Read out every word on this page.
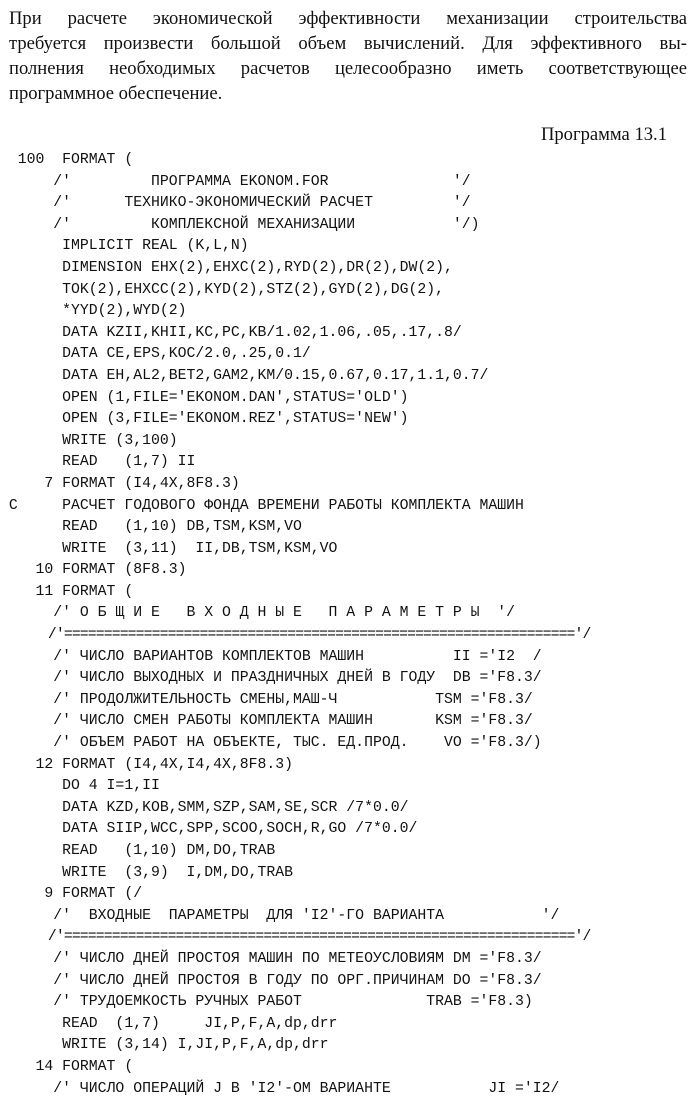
При расчете экономической эффективности механизации строительства
требуется произвести большой объем вычислений. Для эффективного вы-
полнения необходимых расчетов целесообразно иметь соответствующее
программное обеспечение.
Программа 13.1
100  FORMAT (
/'         ПРОГРАММА EKONOM.FOR              '/
/'      ТЕХНИКО-ЭКОНОМИЧЕСКИЙ РАСЧЕТ         '/
/'         КОМПЛЕКСНОЙ МЕХАНИЗАЦИИ           '/)
IMPLICIT REAL (K,L,N)
DIMENSION EHX(2),EHXC(2),RYD(2),DR(2),DW(2),
TOK(2),EHXCC(2),KYD(2),STZ(2),GYD(2),DG(2),
*YYD(2),WYD(2)
DATA KZII,KHII,KC,PC,KB/1.02,1.06,.05,.17,.8/
DATA CE,EPS,KOC/2.0,.25,0.1/
DATA EH,AL2,BET2,GAM2,KM/0.15,0.67,0.17,1.1,0.7/
OPEN (1,FILE='EKONOM.DAN',STATUS='OLD')
OPEN (3,FILE='EKONOM.REZ',STATUS='NEW')
WRITE (3,100)
READ   (1,7) II
7 FORMAT (I4,4X,8F8.3)
C     РАСЧЕТ ГОДОВОГО ФОНДА ВРЕМЕНИ РАБОТЫ КОМПЛЕКТА МАШИН
READ   (1,10) DB,TSM,KSM,VO
WRITE  (3,11)  II,DB,TSM,KSM,VO
10 FORMAT (8F8.3)
11 FORMAT (
/' О Б Щ И Е   В Х О Д Н Ы Е   П А Р А М Е Т Р Ы  '/
/'================================================================'/
/' ЧИСЛО ВАРИАНТОВ КОМПЛЕКТОВ МАШИН          II ='I2  /
/' ЧИСЛО ВЫХОДНЫХ И ПРАЗДНИЧНЫХ ДНЕЙ В ГОДУ  DB ='F8.3/
/' ПРОДОЛЖИТЕЛЬНОСТЬ СМЕНЫ,МАШ-Ч           TSM ='F8.3/
/' ЧИСЛО СМЕН РАБОТЫ КОМПЛЕКТА МАШИН       KSM ='F8.3/
/' ОБЪЕМ РАБОТ НА ОБЪЕКТЕ, ТЫС. ЕД.ПРОД.    VO ='F8.3/)
12 FORMAT (I4,4X,I4,4X,8F8.3)
DO 4 I=1,II
DATA KZD,KOB,SMM,SZP,SAM,SE,SCR /7*0.0/
DATA SIIP,WCC,SPP,SCOO,SOCH,R,GO /7*0.0/
READ   (1,10) DM,DO,TRAB
WRITE  (3,9)  I,DM,DO,TRAB
9 FORMAT (/
/'  ВХОДНЫЕ  ПАРАМЕТРЫ  ДЛЯ 'I2'-ГО ВАРИАНТА           '/
/'================================================================'/
/' ЧИСЛО ДНЕЙ ПРОСТОЯ МАШИН ПО МЕТЕОУСЛОВИЯМ DM ='F8.3/
/' ЧИСЛО ДНЕЙ ПРОСТОЯ В ГОДУ ПО ОРГ.ПРИЧИНАМ DO ='F8.3/
/' ТРУДОЕМКОСТЬ РУЧНЫХ РАБОТ              TRAB ='F8.3)
READ  (1,7)     JI,P,F,A,dp,drr
WRITE (3,14) I,JI,P,F,A,dp,drr
14 FORMAT (
/' ЧИСЛО ОПЕРАЦИЙ J В 'I2'-ОМ ВАРИАНТЕ           JI ='I2/
